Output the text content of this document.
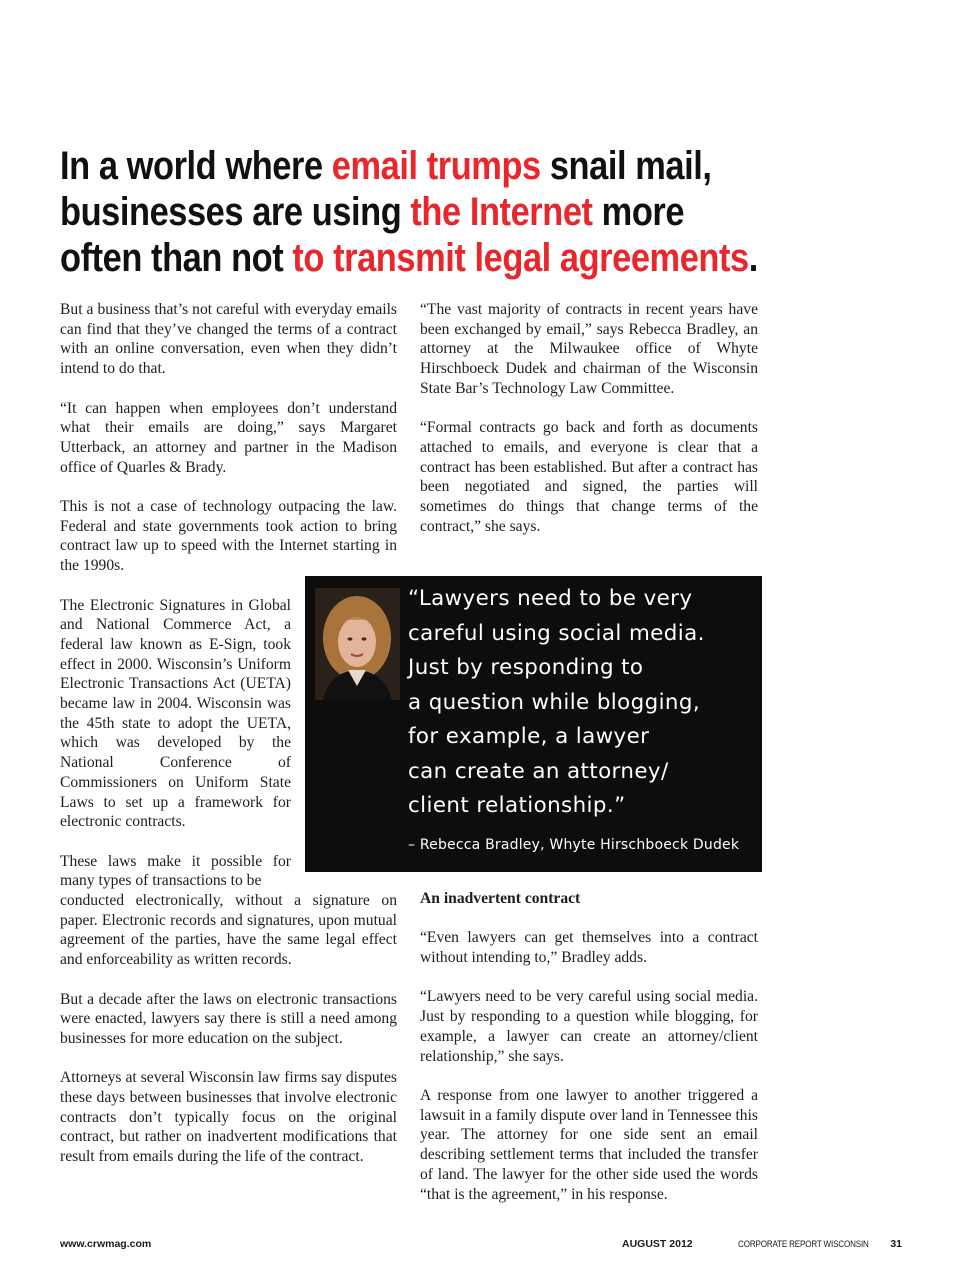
In a world where email trumps snail mail,
businesses are using the Internet more
often than not to transmit legal agreements.

But a business that’s not careful with everyday emails can find that they’ve changed the terms of a contract with an online conversation, even when they didn’t intend to do that.

“It can happen when employees don’t understand what their emails are doing,” says Margaret Utterback, an attorney and partner in the Madison office of Quarles & Brady.

This is not a case of technology outpacing the law. Federal and state governments took action to bring contract law up to speed with the Internet starting in the 1990s.

The Electronic Signatures in Global and National Commerce Act, a federal law known as E-Sign, took effect in 2000. Wisconsin’s Uniform Electronic Transactions Act (UETA) became law in 2004. Wisconsin was the 45th state to adopt the UETA, which was developed by the National Conference of Commissioners on Uniform State Laws to set up a framework for electronic contracts.

These laws make it possible for many types of transactions to be

conducted electronically, without a signature on paper. Electronic records and signatures, upon mutual agreement of the parties, have the same legal effect and enforceability as written records.

But a decade after the laws on electronic transactions were enacted, lawyers say there is still a need among businesses for more education on the subject.

Attorneys at several Wisconsin law firms say disputes these days between businesses that involve electronic contracts don’t typically focus on the original contract, but rather on inadvertent modifications that result from emails during the life of the contract.

“The vast majority of contracts in recent years have been exchanged by email,” says Rebecca Bradley, an attorney at the Milwaukee office of Whyte Hirschboeck Dudek and chairman of the Wisconsin State Bar’s Technology Law Committee.

“Formal contracts go back and forth as documents attached to emails, and everyone is clear that a contract has been established. But after a contract has been negotiated and signed, the parties will sometimes do things that change terms of the contract,” she says.

“Lawyers need to be very
careful using social media.
Just by responding to
a question while blogging,
for example, a lawyer
can create an attorney/
client relationship.”

– Rebecca Bradley, Whyte Hirschboeck Dudek

An inadvertent contract

“Even lawyers can get themselves into a contract without intending to,” Bradley adds.

“Lawyers need to be very careful using social media. Just by responding to a question while blogging, for example, a lawyer can create an attorney/client relationship,” she says.

A response from one lawyer to another triggered a lawsuit in a family dispute over land in Tennessee this year. The attorney for one side sent an email describing settlement terms that included the transfer of land. The lawyer for the other side used the words “that is the agreement,” in his response.

www.crwmag.com	AUGUST 2012	CORPORATE REPORT WISCONSIN 31
